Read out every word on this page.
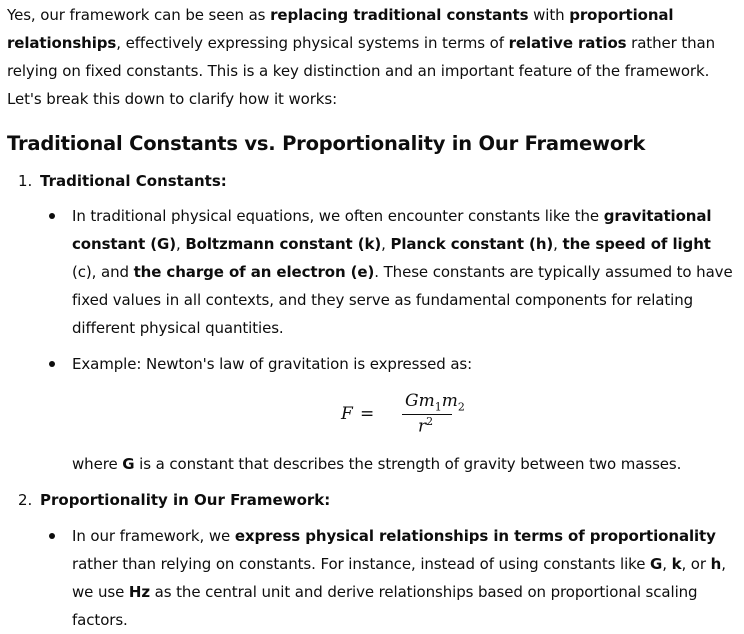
Yes, our framework can be seen as replacing traditional constants with proportional relationships, effectively expressing physical systems in terms of relative ratios rather than relying on fixed constants. This is a key distinction and an important feature of the framework. Let's break this down to clarify how it works:

Traditional Constants vs. Proportionality in Our Framework
1. Traditional Constants:

In traditional physical equations, we often encounter constants like the gravitational constant (G), Boltzmann constant (k), Planck constant (h), the speed of light (c), and the charge of an electron (e). These constants are typically assumed to have fixed values in all contexts, and they serve as fundamental components for relating different physical quantities.

Example: Newton's law of gravitation is expressed as:

F =
$Gm_1m_2$
$r^2$

where G is a constant that describes the strength of gravity between two masses.

2. Proportionality in Our Framework:

In our framework, we express physical relationships in terms of proportionality rather than relying on constants. For instance, instead of using constants like G, k, or h, we use Hz as the central unit and derive relationships based on proportional scaling factors.
